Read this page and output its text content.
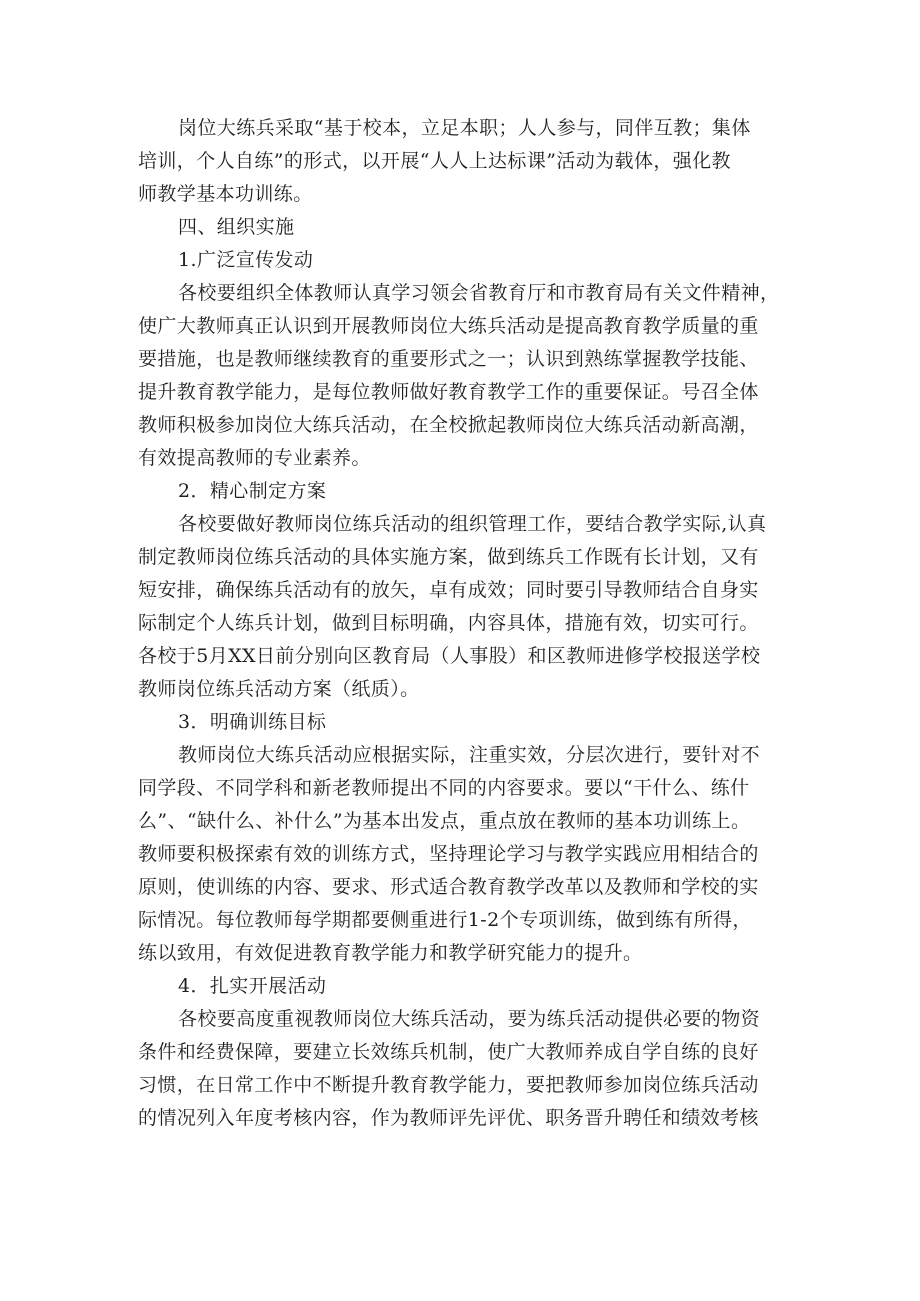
岗位大练兵采取“基于校本，立足本职；人人参与，同伴互教；集体
培训，个人自练”的形式，以开展“人人上达标课”活动为载体，强化教
师教学基本功训练。
四、组织实施
1.广泛宣传发动
各校要组织全体教师认真学习领会省教育厅和市教育局有关文件精神，
使广大教师真正认识到开展教师岗位大练兵活动是提高教育教学质量的重
要措施，也是教师继续教育的重要形式之一；认识到熟练掌握教学技能、
提升教育教学能力，是每位教师做好教育教学工作的重要保证。号召全体
教师积极参加岗位大练兵活动，在全校掀起教师岗位大练兵活动新高潮，
有效提高教师的专业素养。
2．精心制定方案
各校要做好教师岗位练兵活动的组织管理工作，要结合教学实际,认真
制定教师岗位练兵活动的具体实施方案，做到练兵工作既有长计划，又有
短安排，确保练兵活动有的放矢，卓有成效；同时要引导教师结合自身实
际制定个人练兵计划，做到目标明确，内容具体，措施有效，切实可行。
各校于5月XX日前分别向区教育局（人事股）和区教师进修学校报送学校
教师岗位练兵活动方案（纸质）。
3．明确训练目标
教师岗位大练兵活动应根据实际，注重实效，分层次进行，要针对不
同学段、不同学科和新老教师提出不同的内容要求。要以“干什么、练什
么”、“缺什么、补什么”为基本出发点，重点放在教师的基本功训练上。
教师要积极探索有效的训练方式，坚持理论学习与教学实践应用相结合的
原则，使训练的内容、要求、形式适合教育教学改革以及教师和学校的实
际情况。每位教师每学期都要侧重进行1-2个专项训练，做到练有所得，
练以致用，有效促进教育教学能力和教学研究能力的提升。
4．扎实开展活动
各校要高度重视教师岗位大练兵活动，要为练兵活动提供必要的物资
条件和经费保障，要建立长效练兵机制，使广大教师养成自学自练的良好
习惯，在日常工作中不断提升教育教学能力，要把教师参加岗位练兵活动
的情况列入年度考核内容，作为教师评先评优、职务晋升聘任和绩效考核
